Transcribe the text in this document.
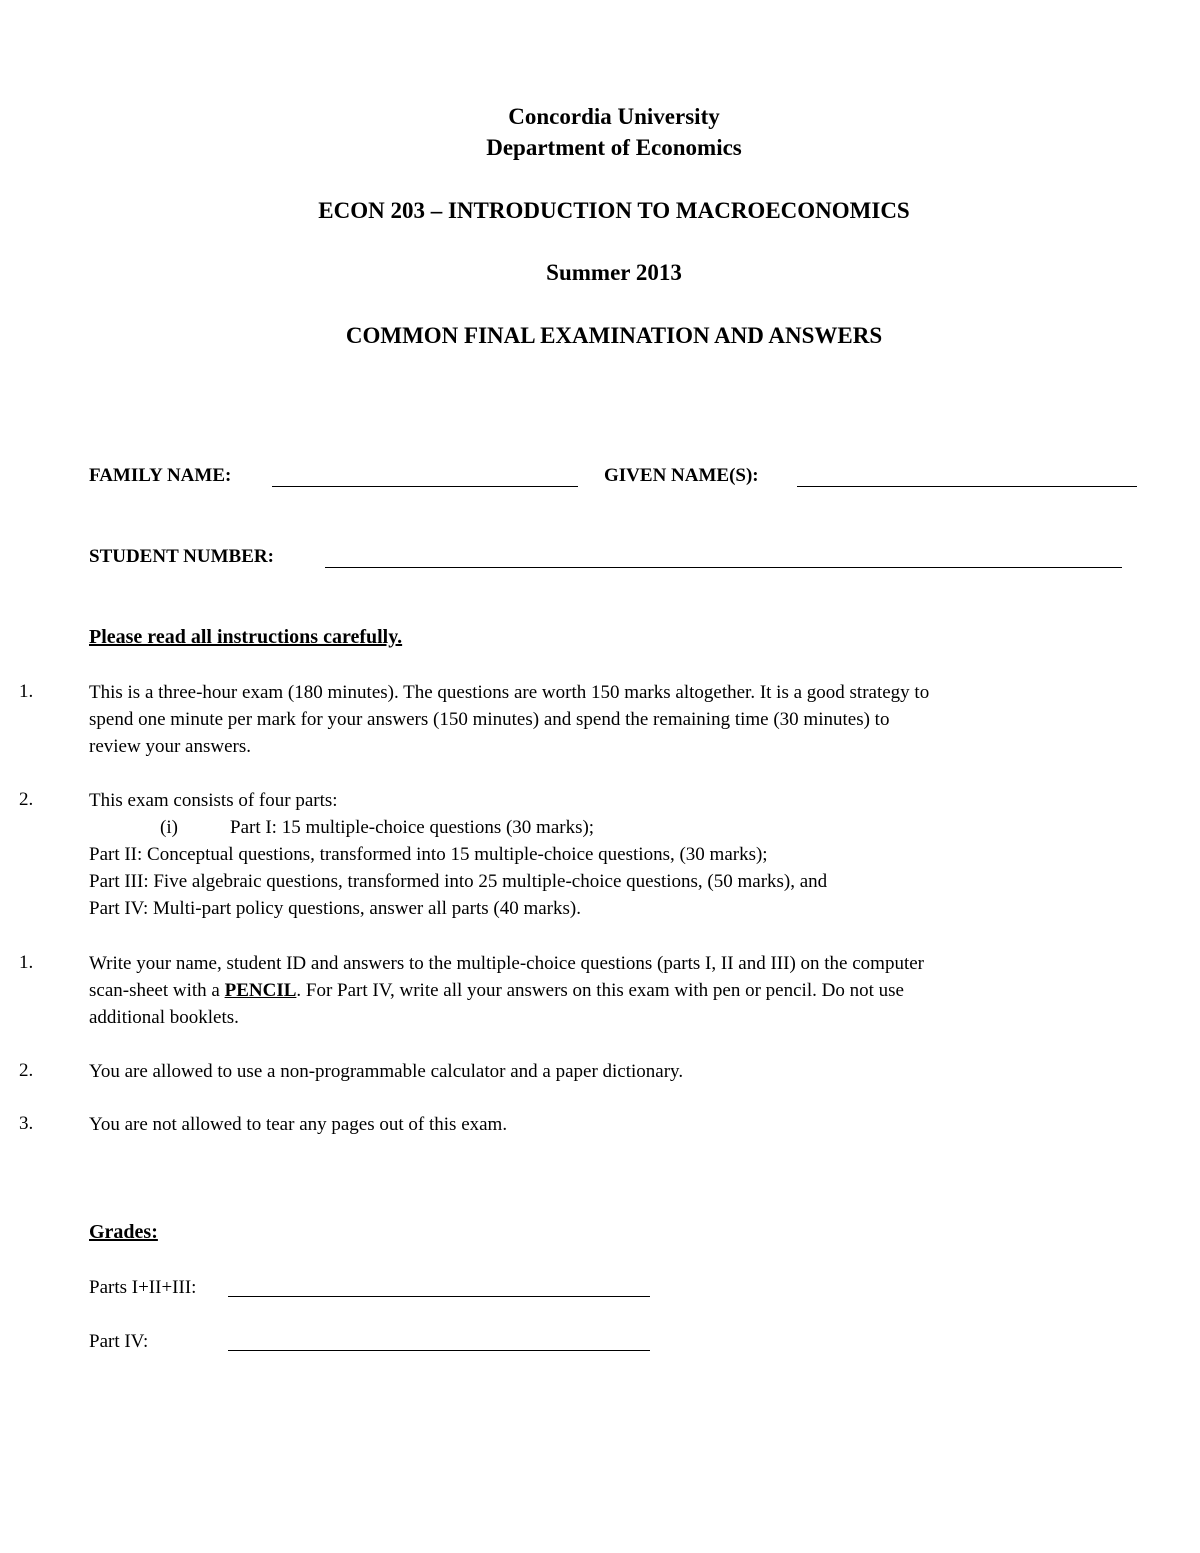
Concordia University
Department of Economics
ECON 203 – INTRODUCTION TO MACROECONOMICS
Summer 2013
COMMON FINAL EXAMINATION AND ANSWERS
FAMILY NAME:	GIVEN NAME(S):
STUDENT NUMBER:
Please read all instructions carefully.
1.	This is a three-hour exam (180 minutes). The questions are worth 150 marks altogether. It is a good strategy to
spend one minute per mark for your answers (150 minutes) and spend the remaining time (30 minutes) to
review your answers.
2.	This exam consists of four parts:
(i)	Part I: 15 multiple-choice questions (30 marks);
Part II: Conceptual questions, transformed into 15 multiple-choice questions, (30 marks);
Part III: Five algebraic questions, transformed into 25 multiple-choice questions, (50 marks), and
Part IV: Multi-part policy questions, answer all parts (40 marks).
1.	Write your name, student ID and answers to the multiple-choice questions (parts I, II and III) on the computer
scan-sheet with a PENCIL. For Part IV, write all your answers on this exam with pen or pencil. Do not use
additional booklets.
2.	You are allowed to use a non-programmable calculator and a paper dictionary.
3.	You are not allowed to tear any pages out of this exam.
Grades:
Parts I+II+III:
Part IV:
